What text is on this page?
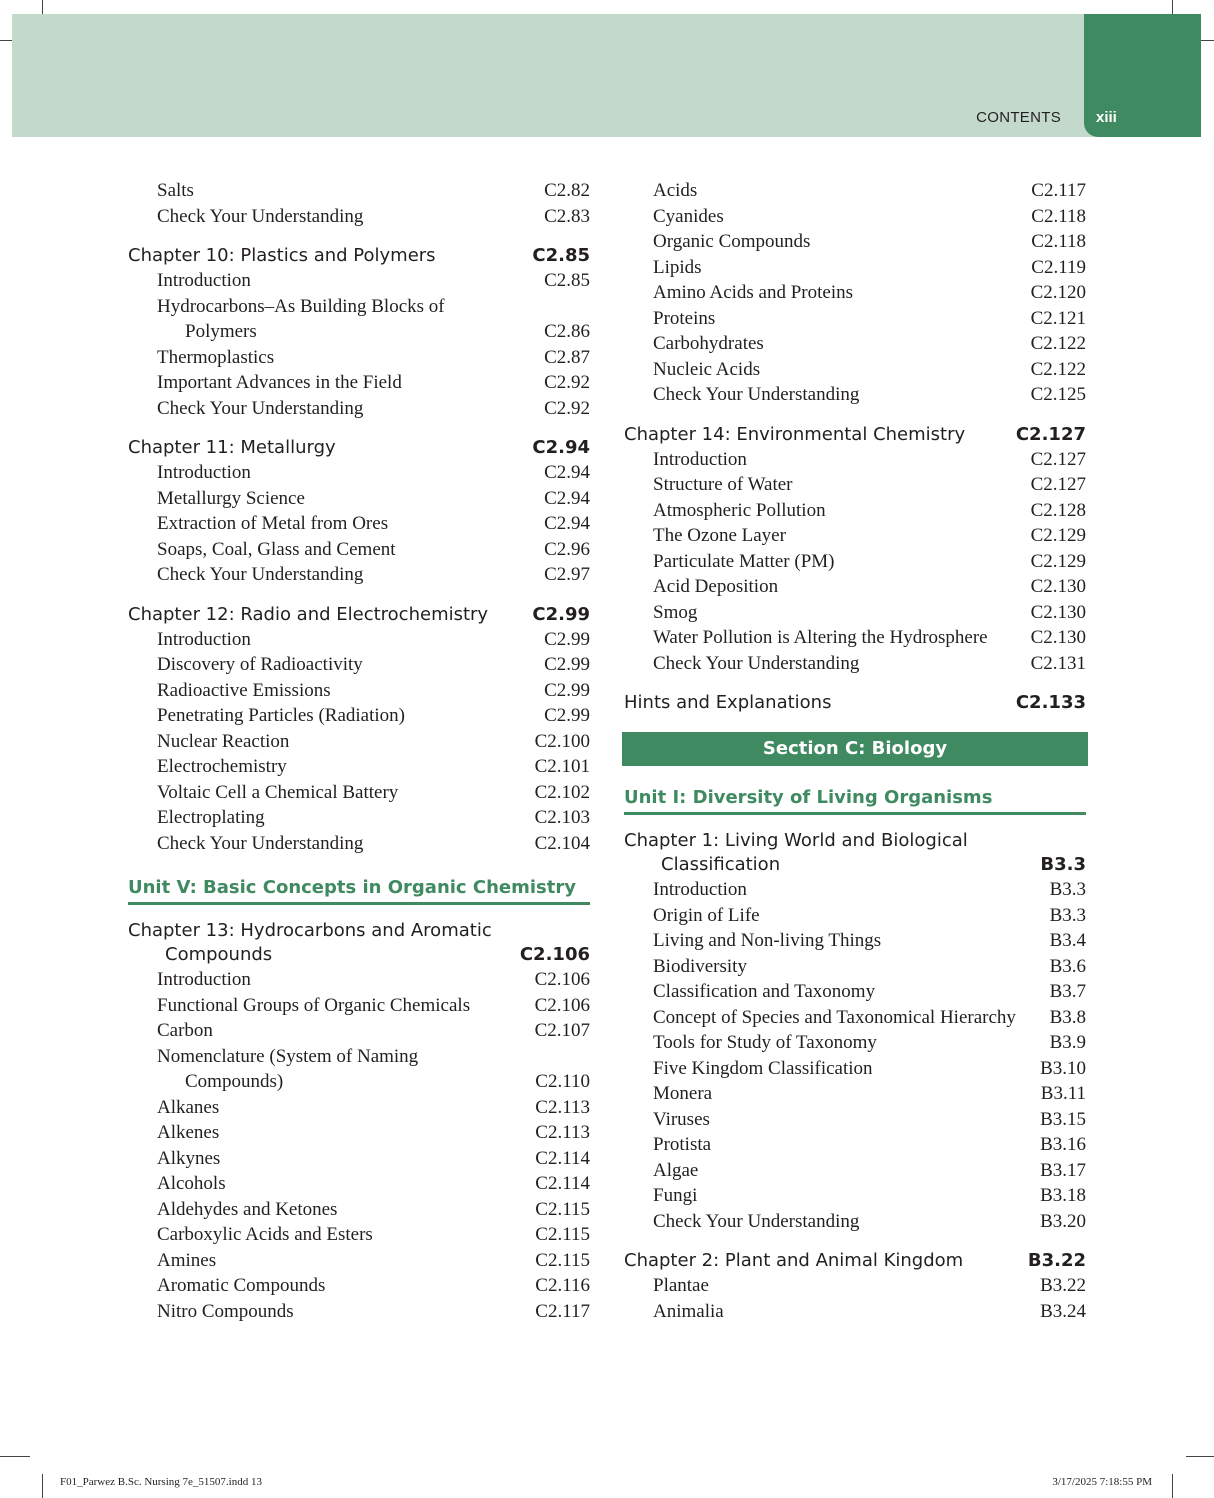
CONTENTS xiii
Salts	C2.82
Check Your Understanding	C2.83
Chapter 10: Plastics and Polymers	C2.85
Introduction	C2.85
Hydrocarbons–As Building Blocks of
Polymers	C2.86
Thermoplastics	C2.87
Important Advances in the Field	C2.92
Check Your Understanding	C2.92
Chapter 11: Metallurgy	C2.94
Introduction	C2.94
Metallurgy Science	C2.94
Extraction of Metal from Ores	C2.94
Soaps, Coal, Glass and Cement	C2.96
Check Your Understanding	C2.97
Chapter 12: Radio and Electrochemistry C2.99
Introduction	C2.99
Discovery of Radioactivity	C2.99
Radioactive Emissions	C2.99
Penetrating Particles (Radiation)	C2.99
Nuclear Reaction	C2.100
Electrochemistry	C2.101
Voltaic Cell a Chemical Battery	C2.102
Electroplating	C2.103
Check Your Understanding	C2.104
Unit V: Basic Concepts in Organic Chemistry
Chapter 13: Hydrocarbons and Aromatic
Compounds	C2.106
Introduction	C2.106
Functional Groups of Organic Chemicals	C2.106
Carbon	C2.107
Nomenclature (System of Naming
Compounds)	C2.110
Alkanes	C2.113
Alkenes	C2.113
Alkynes	C2.114
Alcohols	C2.114
Aldehydes and Ketones	C2.115
Carboxylic Acids and Esters	C2.115
Amines	C2.115
Aromatic Compounds	C2.116
Nitro Compounds	C2.117
Acids	C2.117
Cyanides	C2.118
Organic Compounds	C2.118
Lipids	C2.119
Amino Acids and Proteins	C2.120
Proteins	C2.121
Carbohydrates	C2.122
Nucleic Acids	C2.122
Check Your Understanding	C2.125
Chapter 14: Environmental Chemistry	C2.127
Introduction	C2.127
Structure of Water	C2.127
Atmospheric Pollution	C2.128
The Ozone Layer	C2.129
Particulate Matter (PM)	C2.129
Acid Deposition	C2.130
Smog	C2.130
Water Pollution is Altering the Hydrosphere C2.130
Check Your Understanding	C2.131
Hints and Explanations	C2.133
Section C: Biology
Unit I: Diversity of Living Organisms
Chapter 1: Living World and Biological
Classification	B3.3
Introduction	B3.3
Origin of Life	B3.3
Living and Non-living Things	B3.4
Biodiversity	B3.6
Classification and Taxonomy	B3.7
Concept of Species and Taxonomical Hierarchy B3.8
Tools for Study of Taxonomy	B3.9
Five Kingdom Classification	B3.10
Monera	B3.11
Viruses	B3.15
Protista	B3.16
Algae	B3.17
Fungi	B3.18
Check Your Understanding	B3.20
Chapter 2: Plant and Animal Kingdom	B3.22
Plantae	B3.22
Animalia	B3.24
F01_Parwez B.Sc. Nursing 7e_51507.indd 13	3/17/2025 7:18:55 PM
